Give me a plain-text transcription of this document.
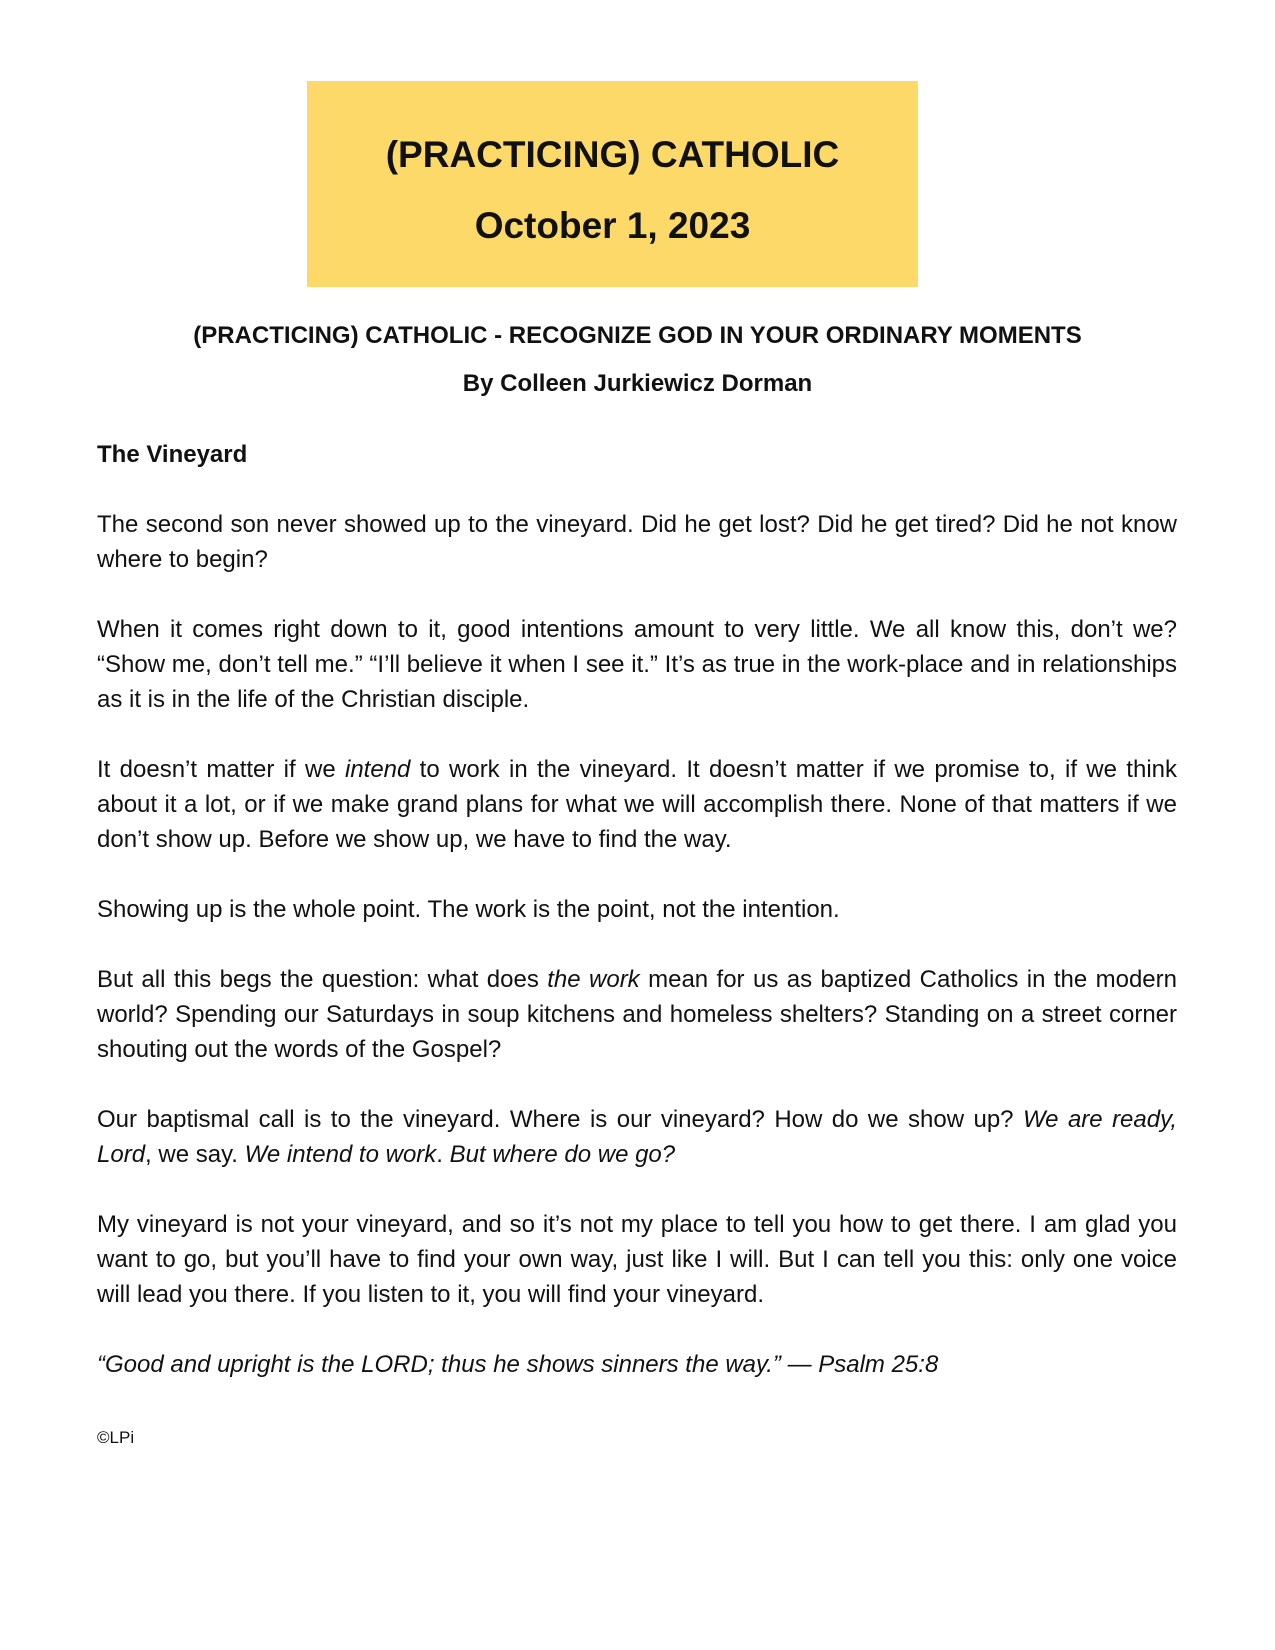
(PRACTICING) CATHOLIC
October 1, 2023
(PRACTICING) CATHOLIC - RECOGNIZE GOD IN YOUR ORDINARY MOMENTS
By Colleen Jurkiewicz Dorman
The Vineyard

The second son never showed up to the vineyard. Did he get lost? Did he get tired? Did he not know where to begin?

When it comes right down to it, good intentions amount to very little. We all know this, don’t we? “Show me, don’t tell me.” “I’ll believe it when I see it.” It’s as true in the work-place and in relationships as it is in the life of the Christian disciple.

It doesn’t matter if we intend to work in the vineyard. It doesn’t matter if we promise to, if we think about it a lot, or if we make grand plans for what we will accomplish there. None of that matters if we don’t show up. Before we show up, we have to find the way.

Showing up is the whole point. The work is the point, not the intention.

But all this begs the question: what does the work mean for us as baptized Catholics in the modern world? Spending our Saturdays in soup kitchens and homeless shelters? Standing on a street corner shouting out the words of the Gospel?

Our baptismal call is to the vineyard. Where is our vineyard? How do we show up? We are ready, Lord, we say. We intend to work. But where do we go?

My vineyard is not your vineyard, and so it’s not my place to tell you how to get there. I am glad you want to go, but you’ll have to find your own way, just like I will. But I can tell you this: only one voice will lead you there. If you listen to it, you will find your vineyard.

“Good and upright is the LORD; thus he shows sinners the way.” — Psalm 25:8

©LPi
